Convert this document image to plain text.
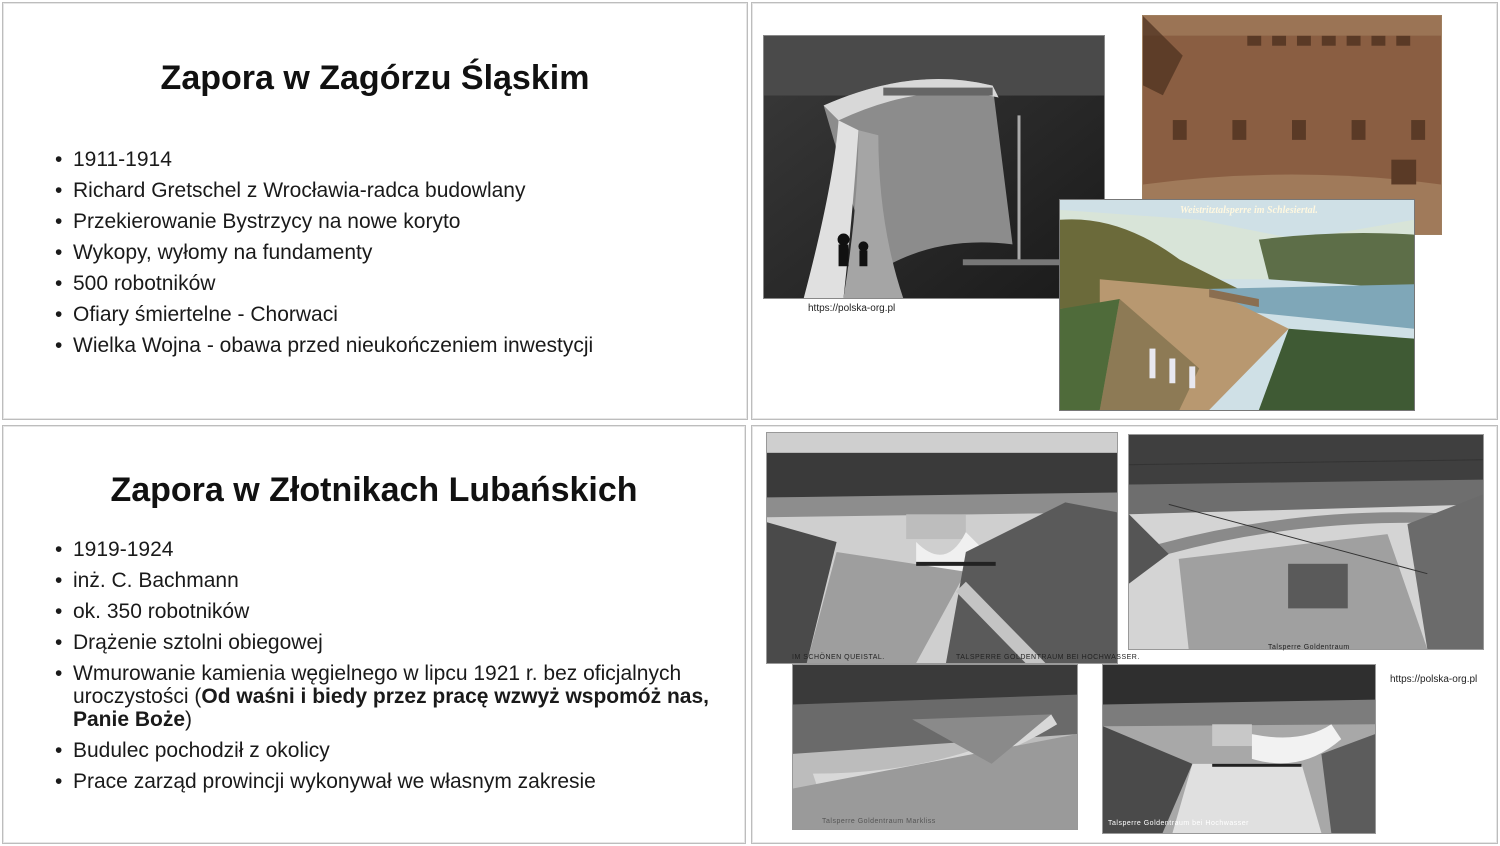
Zapora w Zagórzu Śląskim
• 1911-1914
• Richard Gretschel z Wrocławia-radca budowlany
• Przekierowanie Bystrzycy na nowe koryto
• Wykopy, wyłomy na fundamenty
• 500 robotników
• Ofiary śmiertelne - Chorwaci
• Wielka Wojna - obawa przed nieukończeniem inwestycji
https://polska-org.pl
Weistritztalsperre im Schlesiertal.
Zapora w Złotnikach Lubańskich
• 1919-1924
• inż. C. Bachmann
• ok. 350 robotników
• Drążenie sztolni obiegowej
• Wmurowanie kamienia węgielnego w lipcu 1921 r. bez oficjalnych uroczystości (Od waśni i biedy przez pracę wzwyż wspomóż nas, Panie Boże)
• Budulec pochodził z okolicy
• Prace zarząd prowincji wykonywał we własnym zakresie
IM SCHÖNEN QUEISTAL.	TALSPERRE GOLDENTRAUM BEI HOCHWASSER.
Talsperre Goldentraum
https://polska-org.pl
Talsperre Goldentraum Markliss	Talsperre Goldentraum bei Hochwasser
